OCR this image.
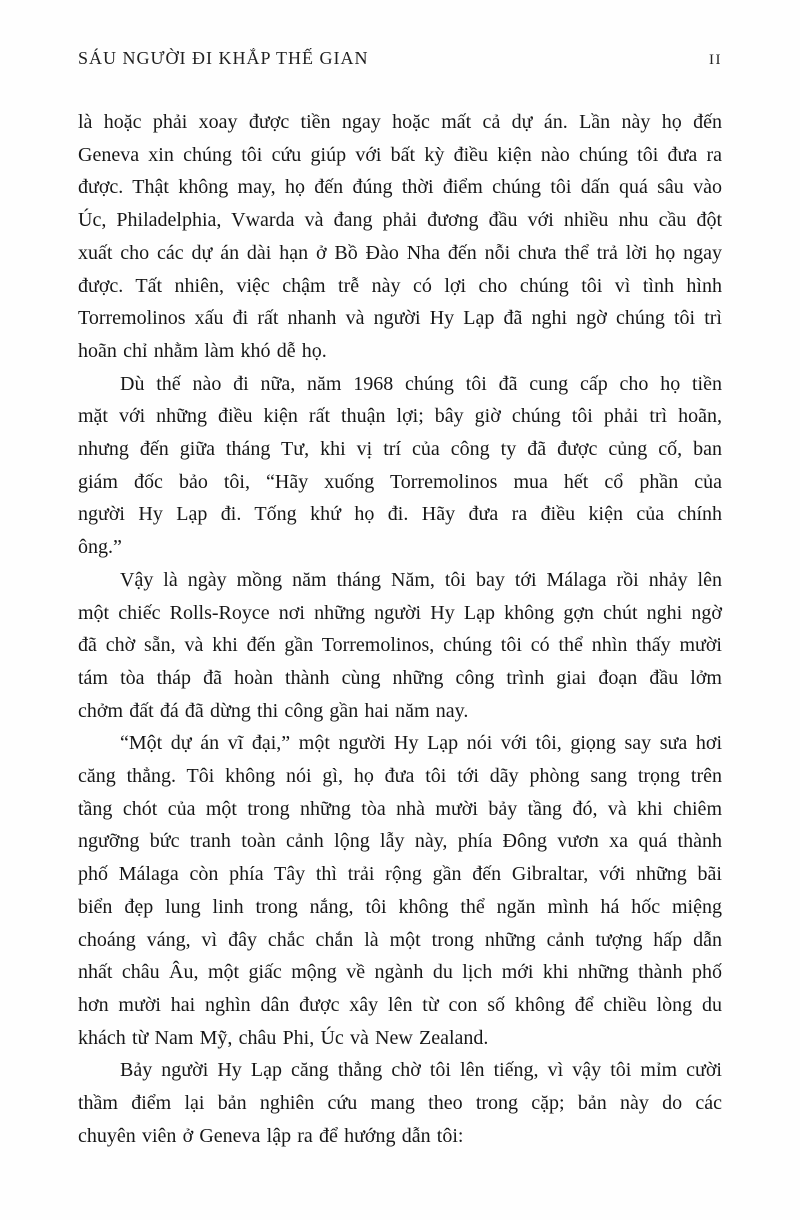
SÁU NGƯỜI ĐI KHẮP THẾ GIAN	II

là hoặc phải xoay được tiền ngay hoặc mất cả dự án. Lần này họ đến

Geneva xin chúng tôi cứu giúp với bất kỳ điều kiện nào chúng tôi đưa ra

được. Thật không may, họ đến đúng thời điểm chúng tôi dấn quá sâu vào

Úc, Philadelphia, Vwarda và đang phải đương đầu với nhiều nhu cầu đột

xuất cho các dự án dài hạn ở Bồ Đào Nha đến nỗi chưa thể trả lời họ ngay

được. Tất nhiên, việc chậm trễ này có lợi cho chúng tôi vì tình hình

Torremolinos xấu đi rất nhanh và người Hy Lạp đã nghi ngờ chúng tôi trì

hoãn chỉ nhằm làm khó dễ họ.

Dù thế nào đi nữa, năm 1968 chúng tôi đã cung cấp cho họ tiền

mặt với những điều kiện rất thuận lợi; bây giờ chúng tôi phải trì hoãn,

nhưng đến giữa tháng Tư, khi vị trí của công ty đã được củng cố, ban

giám đốc bảo tôi, “Hãy xuống Torremolinos mua hết cổ phần của

người Hy Lạp đi. Tống khứ họ đi. Hãy đưa ra điều kiện của chính

ông.”

Vậy là ngày mồng năm tháng Năm, tôi bay tới Málaga rồi nhảy lên

một chiếc Rolls-Royce nơi những người Hy Lạp không gợn chút nghi ngờ

đã chờ sẵn, và khi đến gần Torremolinos, chúng tôi có thể nhìn thấy mười

tám tòa tháp đã hoàn thành cùng những công trình giai đoạn đầu lởm

chởm đất đá đã dừng thi công gần hai năm nay.

“Một dự án vĩ đại,” một người Hy Lạp nói với tôi, giọng say sưa hơi

căng thẳng. Tôi không nói gì, họ đưa tôi tới dãy phòng sang trọng trên

tầng chót của một trong những tòa nhà mười bảy tầng đó, và khi chiêm

ngưỡng bức tranh toàn cảnh lộng lẫy này, phía Đông vươn xa quá thành

phố Málaga còn phía Tây thì trải rộng gần đến Gibraltar, với những bãi

biển đẹp lung linh trong nắng, tôi không thể ngăn mình há hốc miệng

choáng váng, vì đây chắc chắn là một trong những cảnh tượng hấp dẫn

nhất châu Âu, một giấc mộng về ngành du lịch mới khi những thành phố

hơn mười hai nghìn dân được xây lên từ con số không để chiều lòng du

khách từ Nam Mỹ, châu Phi, Úc và New Zealand.

Bảy người Hy Lạp căng thẳng chờ tôi lên tiếng, vì vậy tôi mỉm cười

thầm điểm lại bản nghiên cứu mang theo trong cặp; bản này do các

chuyên viên ở Geneva lập ra để hướng dẫn tôi:
